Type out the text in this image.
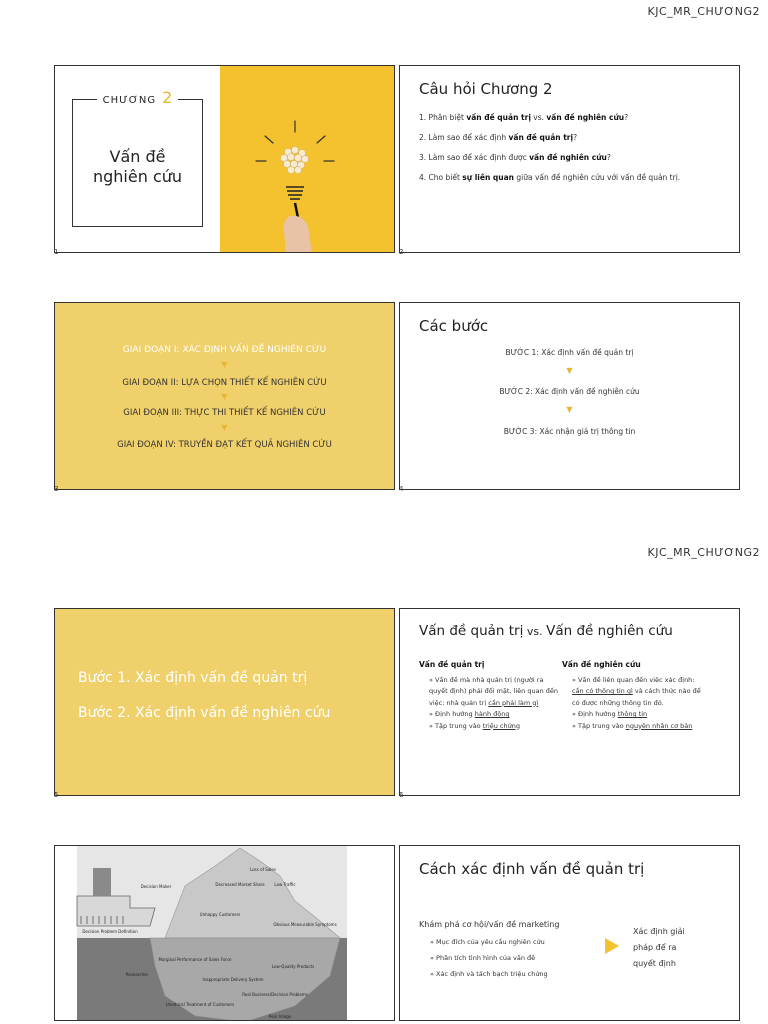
KJC_MR_CHƯƠNG2
KJC_MR_CHƯƠNG2
CHƯƠNG 2
Vấn đề
nghiên cứu
1
Câu hỏi Chương 2

1. Phân biệt vấn đề quản trị vs. vấn đề nghiên cứu?

2. Làm sao để xác định vấn đề quản trị?

3. Làm sao để xác định được vấn đề nghiên cứu?

4. Cho biết sự liên quan giữa vấn đề nghiên cứu với vấn đề quản trị.

2
GIAI ĐOẠN I: XÁC ĐỊNH VẤN ĐỀ NGHIÊN CỨU
▼
GIAI ĐOẠN II: LỰA CHỌN THIẾT KẾ NGHIÊN CỨU
▼
GIAI ĐOẠN III: THỰC THI THIẾT KẾ NGHIÊN CỨU
▼
GIAI ĐOẠN IV: TRUYỀN ĐẠT KẾT QUẢ NGHIÊN CỨU
3
Các bước
BƯỚC 1: Xác định vấn đề quản trị
▼
BƯỚC 2: Xác định vấn đề nghiên cứu
▼
BƯỚC 3: Xác nhận giá trị thông tin
4
Bước 1. Xác định vấn đề quản trị
Bước 2. Xác định vấn đề nghiên cứu
5
Vấn đề quản trị vs. Vấn đề nghiên cứu
Vấn đề quản trị

» Vấn đề mà nhà quản trị (người ra quyết định) phải đối mặt, liên quan đến việc: nhà quản trị cần phải làm gì

» Định hướng hành động

» Tập trung vào triệu chứng

Vấn đề nghiên cứu

» Vấn đề liên quan đến việc xác định: cần có thông tin gì và cách thức nào để có được những thông tin đó.

» Định hướng thông tin

» Tập trung vào nguyên nhân cơ bản

6
Decision Maker
Decision Problem Definition
Researcher
Unhappy Customers
Decreased Market Share
Loss of Sales
Low Traffic
Obvious Measurable Symptoms
Marginal Performance of Sales Force
Inappropriate Delivery System
Low-Quality Products
Real Business/Decision Problems
Unethical Treatment of Customers
Poor Image
Cách xác định vấn đề quản trị
Khám phá cơ hội/vấn đề marketing
» Mục đích của yêu cầu nghiên cứu
» Phân tích tình hình của vấn đề
» Xác định và tách bạch triệu chứng
Xác định giải
pháp để ra
quyết định
